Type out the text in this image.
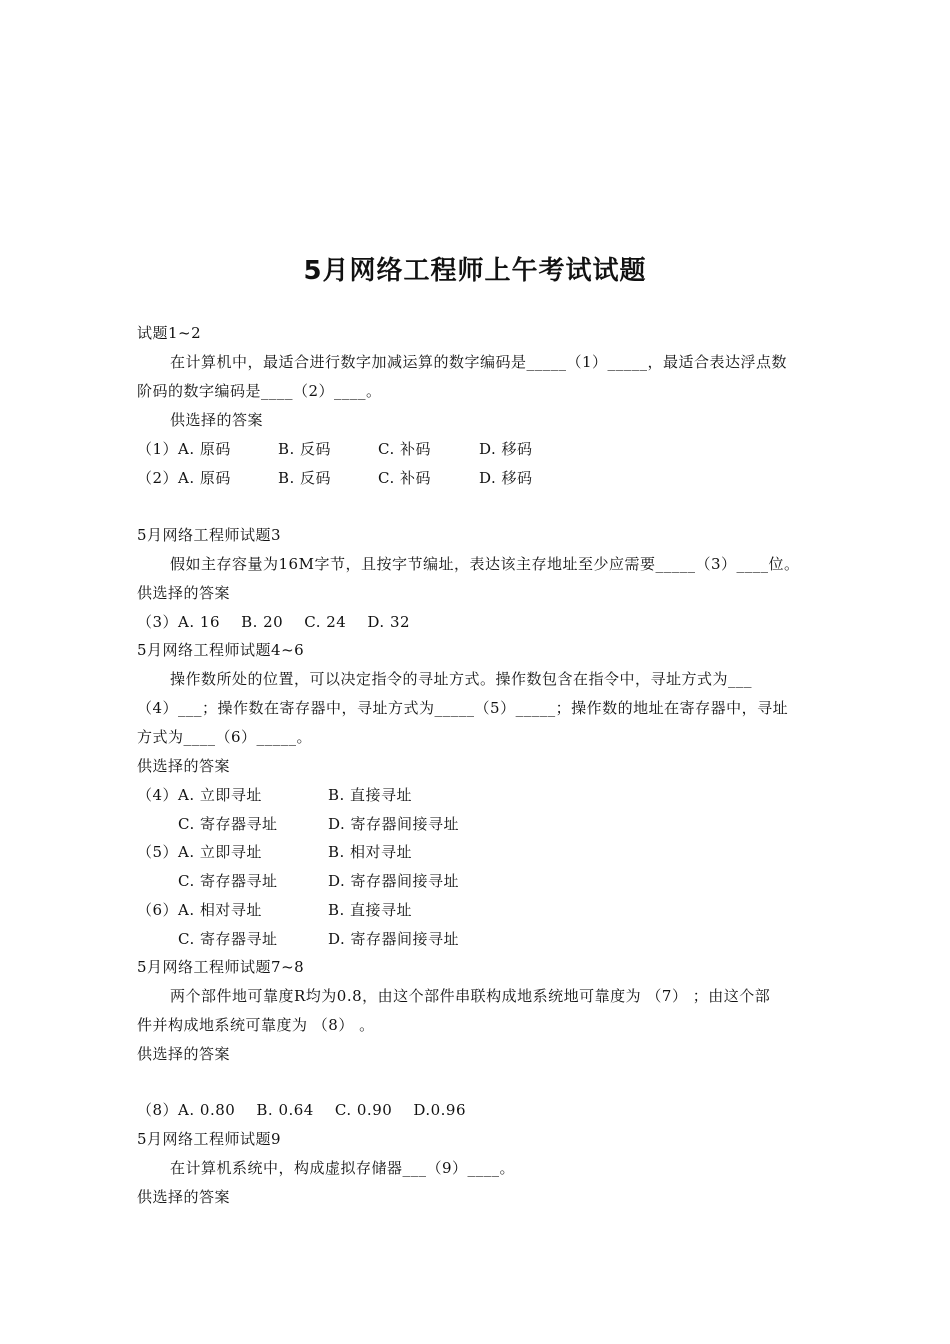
5月网络工程师上午考试试题
试题1~2
在计算机中，最适合进行数字加减运算的数字编码是_____（1）_____，最适合表达浮点数
阶码的数字编码是____（2）____。
供选择的答案
（1）A. 原码	B. 反码	C. 补码	D. 移码
（2）A. 原码	B. 反码	C. 补码	D. 移码
5月网络工程师试题3
假如主存容量为16M字节，且按字节编址，表达该主存地址至少应需要_____（3）____位。
供选择的答案
（3）A. 16    B. 20    C. 24    D. 32
5月网络工程师试题4~6
操作数所处的位置，可以决定指令的寻址方式。操作数包含在指令中，寻址方式为___
（4）___；操作数在寄存器中，寻址方式为_____（5）_____；操作数的地址在寄存器中，寻址
方式为____（6）_____。
供选择的答案
（4）A. 立即寻址	B. 直接寻址
C. 寄存器寻址	D. 寄存器间接寻址
（5）A. 立即寻址	B. 相对寻址
C. 寄存器寻址	D. 寄存器间接寻址
（6）A. 相对寻址	B. 直接寻址
C. 寄存器寻址	D. 寄存器间接寻址
5月网络工程师试题7~8
两个部件地可靠度R均为0.8，由这个部件串联构成地系统地可靠度为 （7） ；由这个部
件并构成地系统可靠度为 （8） 。
供选择的答案
（8）A. 0.80    B. 0.64    C. 0.90    D.0.96
5月网络工程师试题9
在计算机系统中，构成虚拟存储器___（9）____。
供选择的答案
